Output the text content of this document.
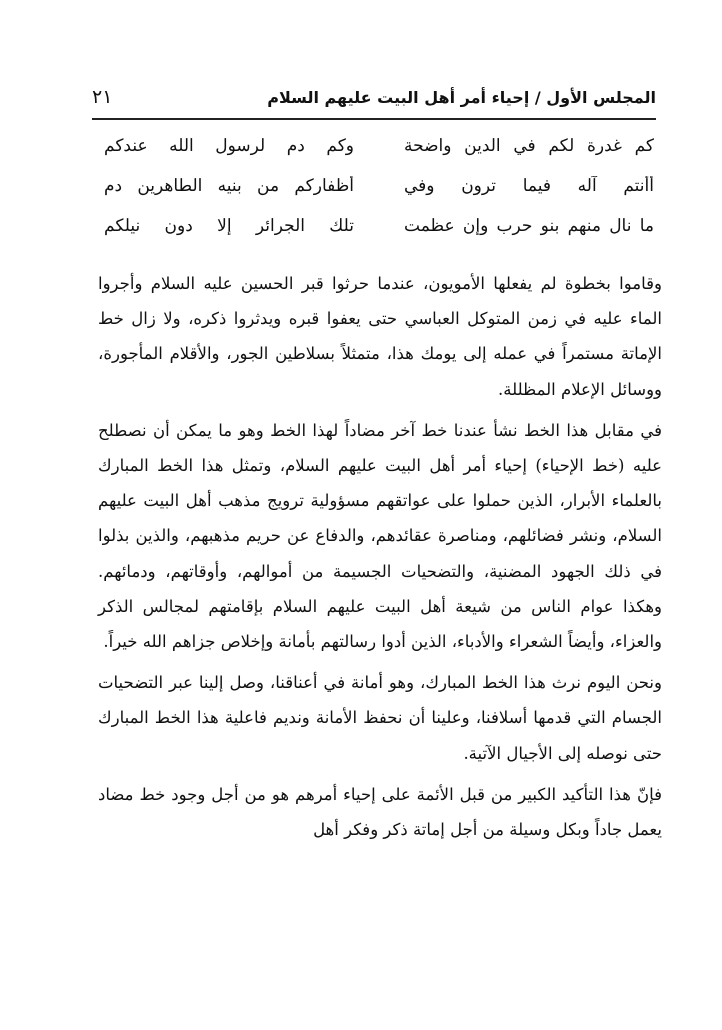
المجلس الأول / إحياء أمر أهل البيت عليهم السلام
٢١
كم غدرة لكم في الدين واضحة
وكم دم لرسول الله عندكم
أأنتم آله فيما ترون وفي
أظفاركم من بنيه الطاهرين دم
ما نال منهم بنو حرب وإن عظمت
تلك الجرائر إلا دون نيلكم

وقاموا بخطوة لم يفعلها الأمويون، عندما حرثوا قبر الحسين عليه السلام وأجروا الماء عليه في زمن المتوكل العباسي حتى يعفوا قبره ويدثروا ذكره، ولا زال خط الإماتة مستمراً في عمله إلى يومك هذا، متمثلاً بسلاطين الجور، والأقلام المأجورة، ووسائل الإعلام المظللة.

في مقابل هذا الخط نشأ عندنا خط آخر مضاداً لهذا الخط وهو ما يمكن أن نصطلح عليه (خط الإحياء) إحياء أمر أهل البيت عليهم السلام، وتمثل هذا الخط المبارك بالعلماء الأبرار، الذين حملوا على عواتقهم مسؤولية ترويج مذهب أهل البيت عليهم السلام، ونشر فضائلهم، ومناصرة عقائدهم، والدفاع عن حريم مذهبهم، والذين بذلوا في ذلك الجهود المضنية، والتضحيات الجسيمة من أموالهم، وأوقاتهم، ودمائهم. وهكذا عوام الناس من شيعة أهل البيت عليهم السلام بإقامتهم لمجالس الذكر والعزاء، وأيضاً الشعراء والأدباء، الذين أدوا رسالتهم بأمانة وإخلاص جزاهم الله خيراً.

ونحن اليوم نرث هذا الخط المبارك، وهو أمانة في أعناقنا، وصل إلينا عبر التضحيات الجسام التي قدمها أسلافنا، وعلينا أن نحفظ الأمانة ونديم فاعلية هذا الخط المبارك حتى نوصله إلى الأجيال الآتية.

فإنّ هذا التأكيد الكبير من قبل الأئمة على إحياء أمرهم هو من أجل وجود خط مضاد يعمل جاداً وبكل وسيلة من أجل إماتة ذكر وفكر أهل
